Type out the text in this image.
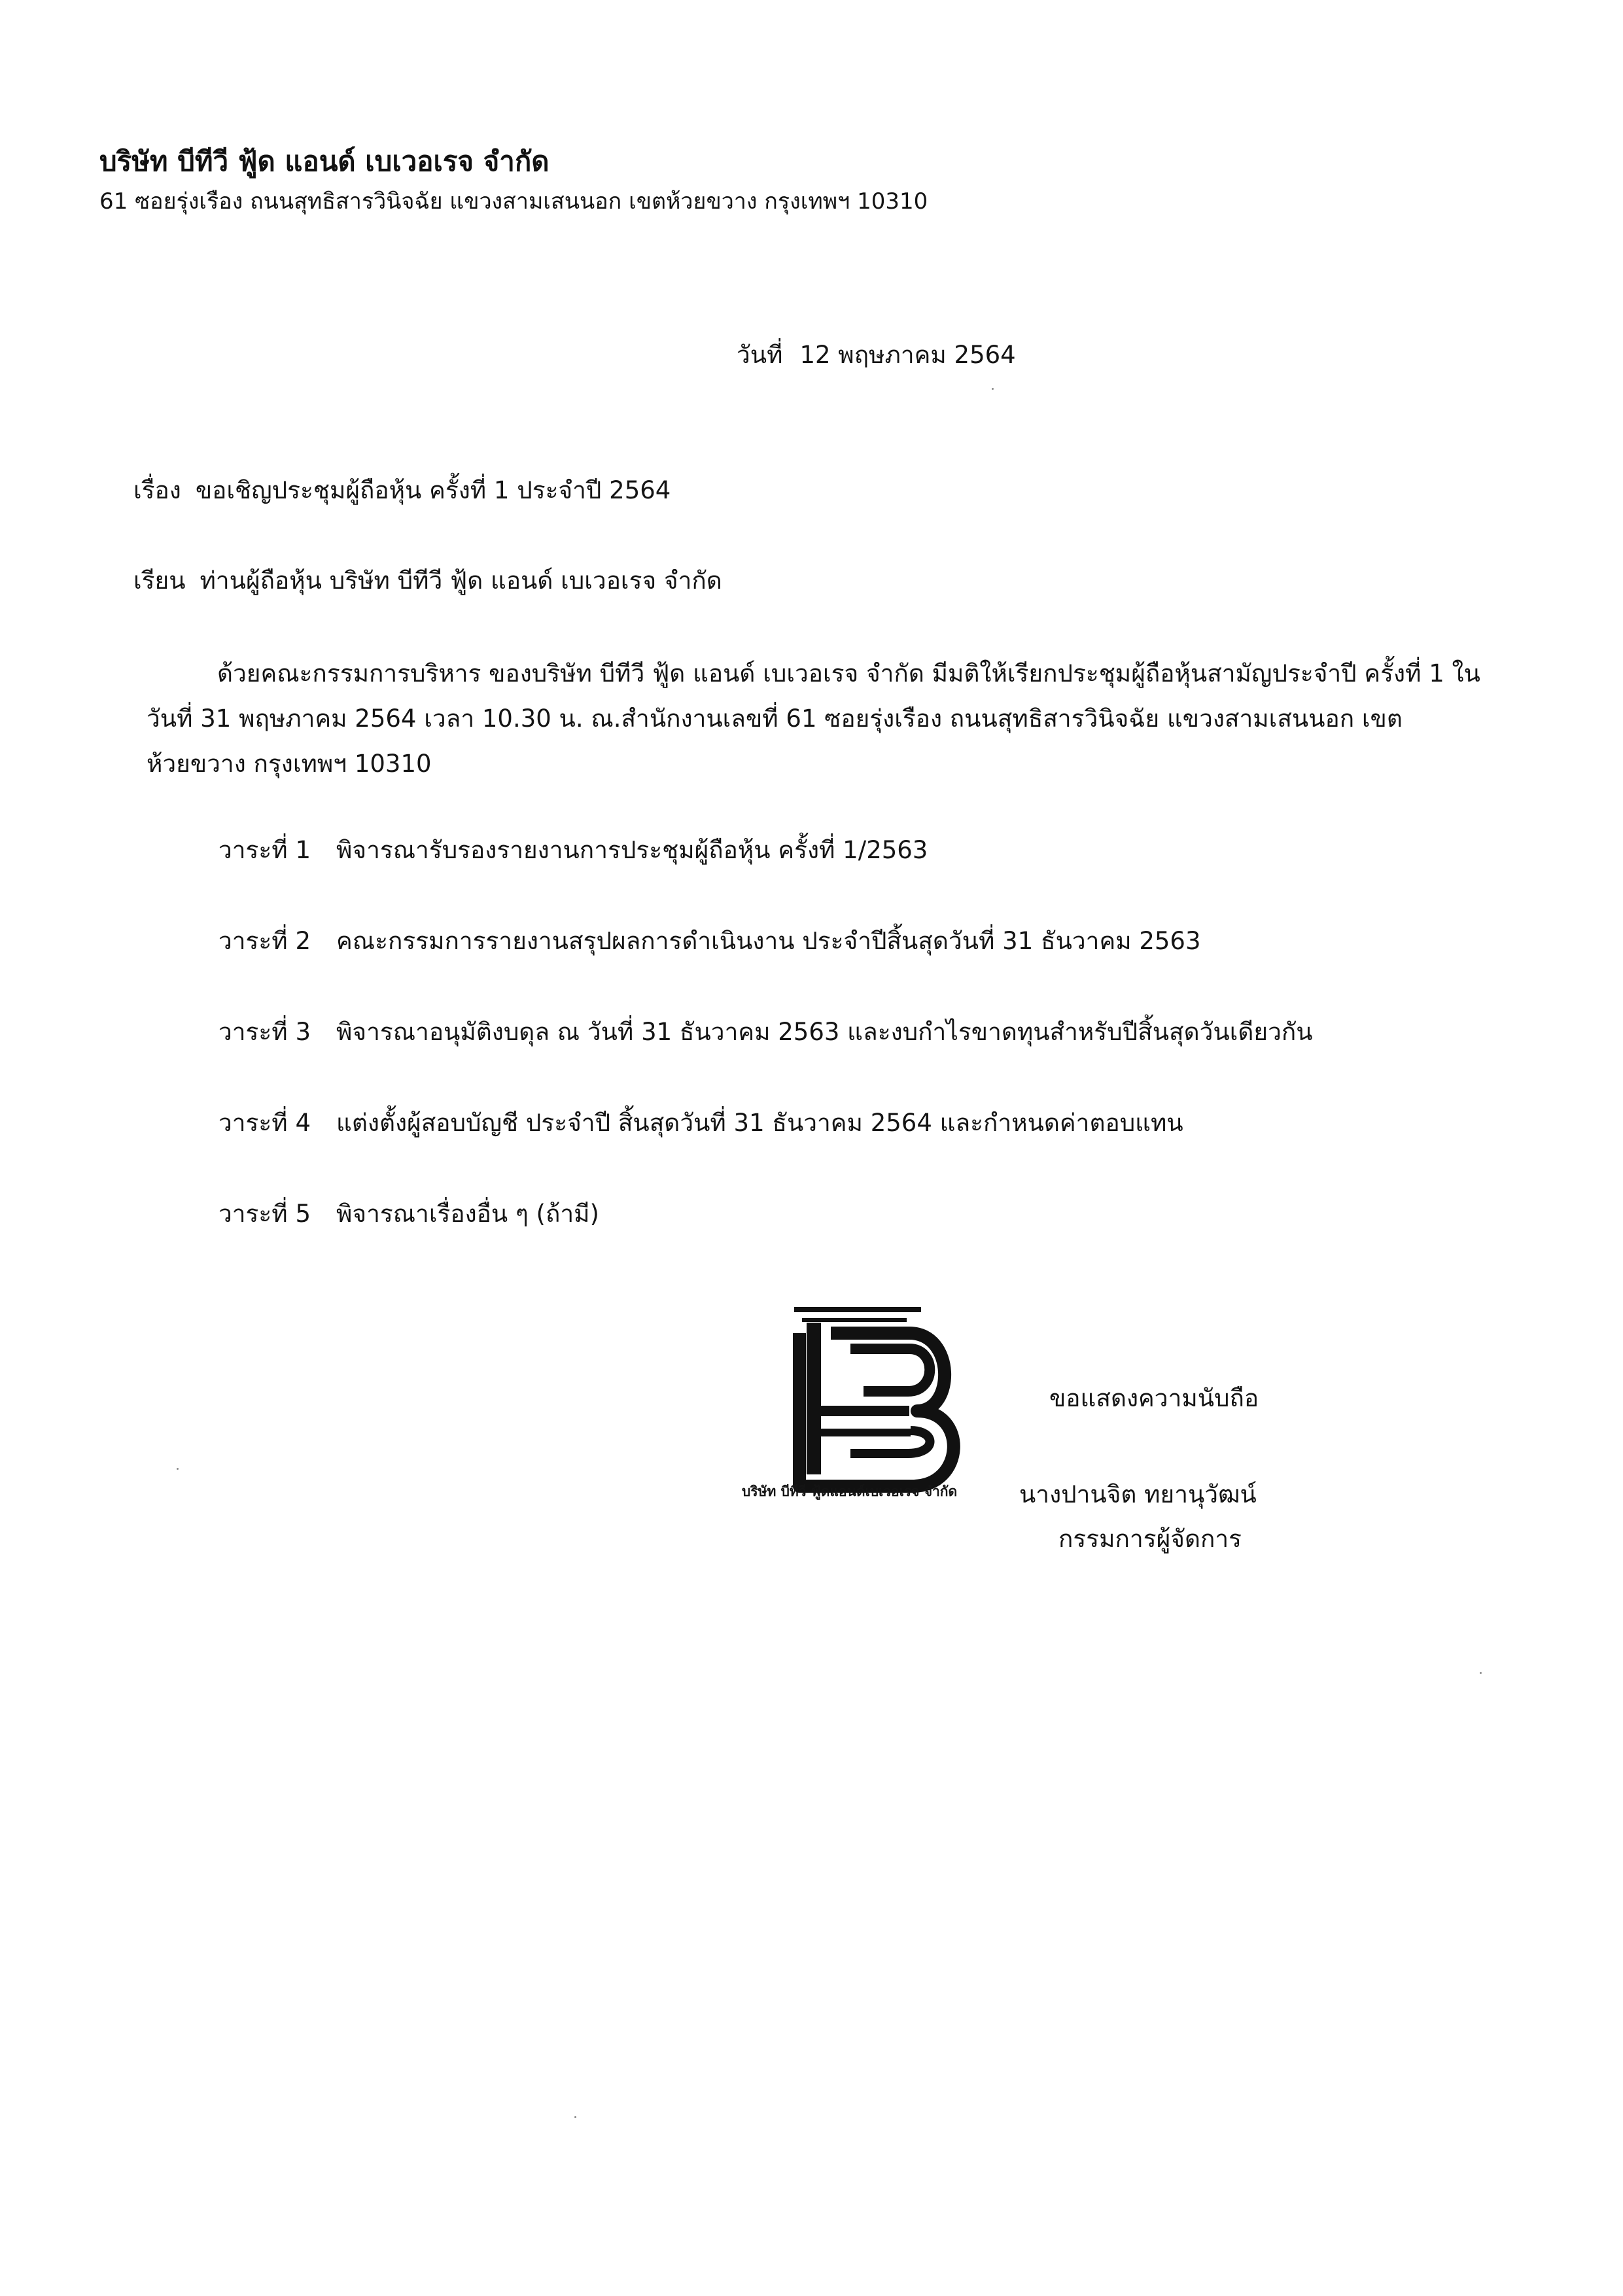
บริษัท บีทีวี ฟู้ด แอนด์ เบเวอเรจ จำกัด
61 ซอยรุ่งเรือง ถนนสุทธิสารวินิจฉัย แขวงสามเสนนอก เขตห้วยขวาง กรุงเทพฯ 10310
วันที่ 12 พฤษภาคม 2564
เรื่อง ขอเชิญประชุมผู้ถือหุ้น ครั้งที่ 1 ประจำปี 2564
เรียน ท่านผู้ถือหุ้น บริษัท บีทีวี ฟู้ด แอนด์ เบเวอเรจ จำกัด
ด้วยคณะกรรมการบริหาร ของบริษัท บีทีวี ฟู้ด แอนด์ เบเวอเรจ จำกัด มีมติให้เรียกประชุมผู้ถือหุ้นสามัญประจำปี ครั้งที่ 1 ในวันที่ 31 พฤษภาคม 2564 เวลา 10.30 น. ณ.สำนักงานเลขที่ 61 ซอยรุ่งเรือง ถนนสุทธิสารวินิจฉัย แขวงสามเสนนอก เขตห้วยขวาง กรุงเทพฯ 10310
วาระที่ 1 พิจารณารับรองรายงานการประชุมผู้ถือหุ้น ครั้งที่ 1/2563
วาระที่ 2 คณะกรรมการรายงานสรุปผลการดำเนินงาน ประจำปีสิ้นสุดวันที่ 31 ธันวาคม 2563
วาระที่ 3 พิจารณาอนุมัติงบดุล ณ วันที่ 31 ธันวาคม 2563 และงบกำไรขาดทุนสำหรับปีสิ้นสุดวันเดียวกัน
วาระที่ 4 แต่งตั้งผู้สอบบัญชี ประจำปี สิ้นสุดวันที่ 31 ธันวาคม 2564 และกำหนดค่าตอบแทน
วาระที่ 5 พิจารณาเรื่องอื่น ๆ (ถ้ามี)
บริษัท บีทีวี ฟู้ดแอนด์เบเวอเรจ จำกัด
ขอแสดงความนับถือ
นางปานจิต ทยานุวัฒน์
กรรมการผู้จัดการ
